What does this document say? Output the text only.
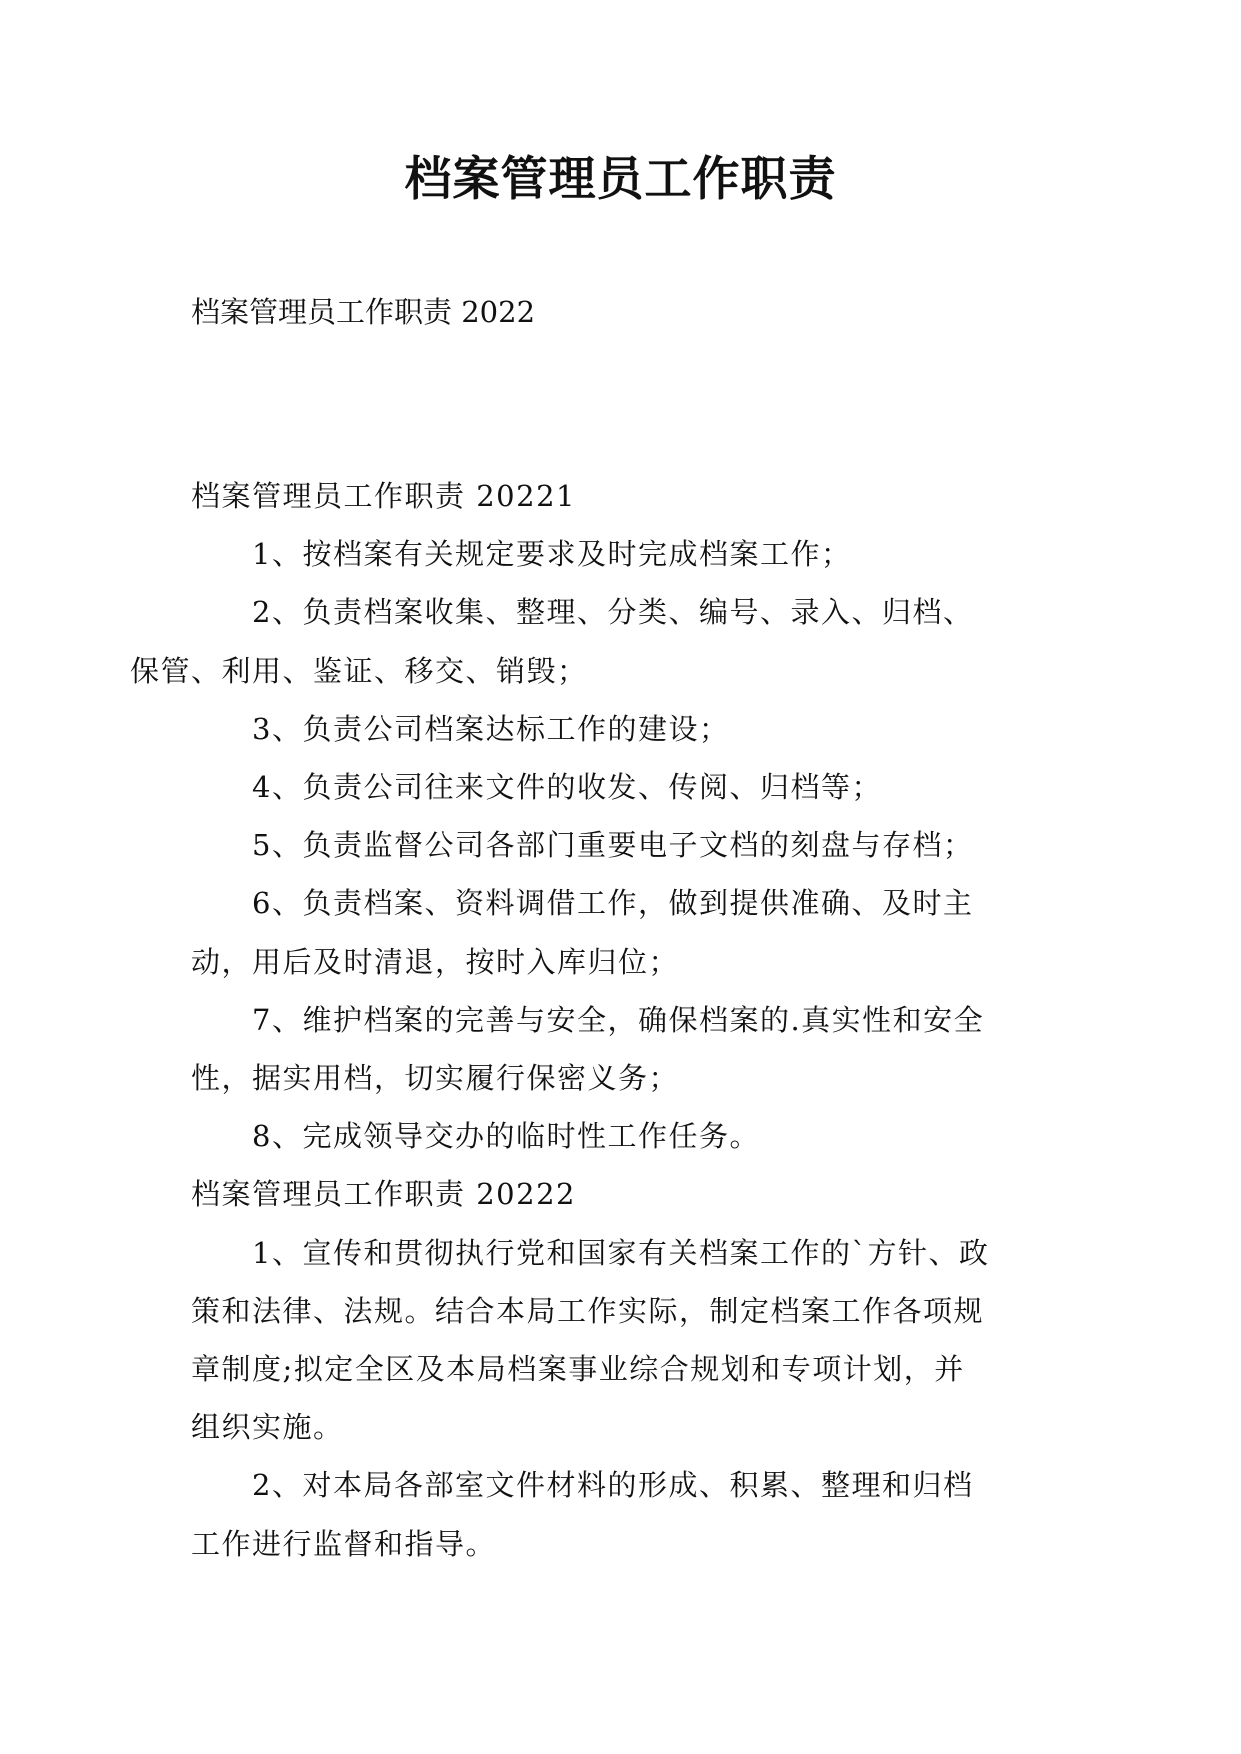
档案管理员工作职责
档案管理员工作职责 2022
档案管理员工作职责 20221
1、按档案有关规定要求及时完成档案工作；
2、负责档案收集、整理、分类、编号、录入、归档、
保管、利用、鉴证、移交、销毁；
3、负责公司档案达标工作的建设；
4、负责公司往来文件的收发、传阅、归档等；
5、负责监督公司各部门重要电子文档的刻盘与存档；
6、负责档案、资料调借工作，做到提供准确、及时主
动，用后及时清退，按时入库归位；
7、维护档案的完善与安全，确保档案的.真实性和安全
性，据实用档，切实履行保密义务；
8、完成领导交办的临时性工作任务。
档案管理员工作职责 20222
1、宣传和贯彻执行党和国家有关档案工作的`方针、政
策和法律、法规。结合本局工作实际，制定档案工作各项规
章制度;拟定全区及本局档案事业综合规划和专项计划，并
组织实施。
2、对本局各部室文件材料的形成、积累、整理和归档
工作进行监督和指导。
